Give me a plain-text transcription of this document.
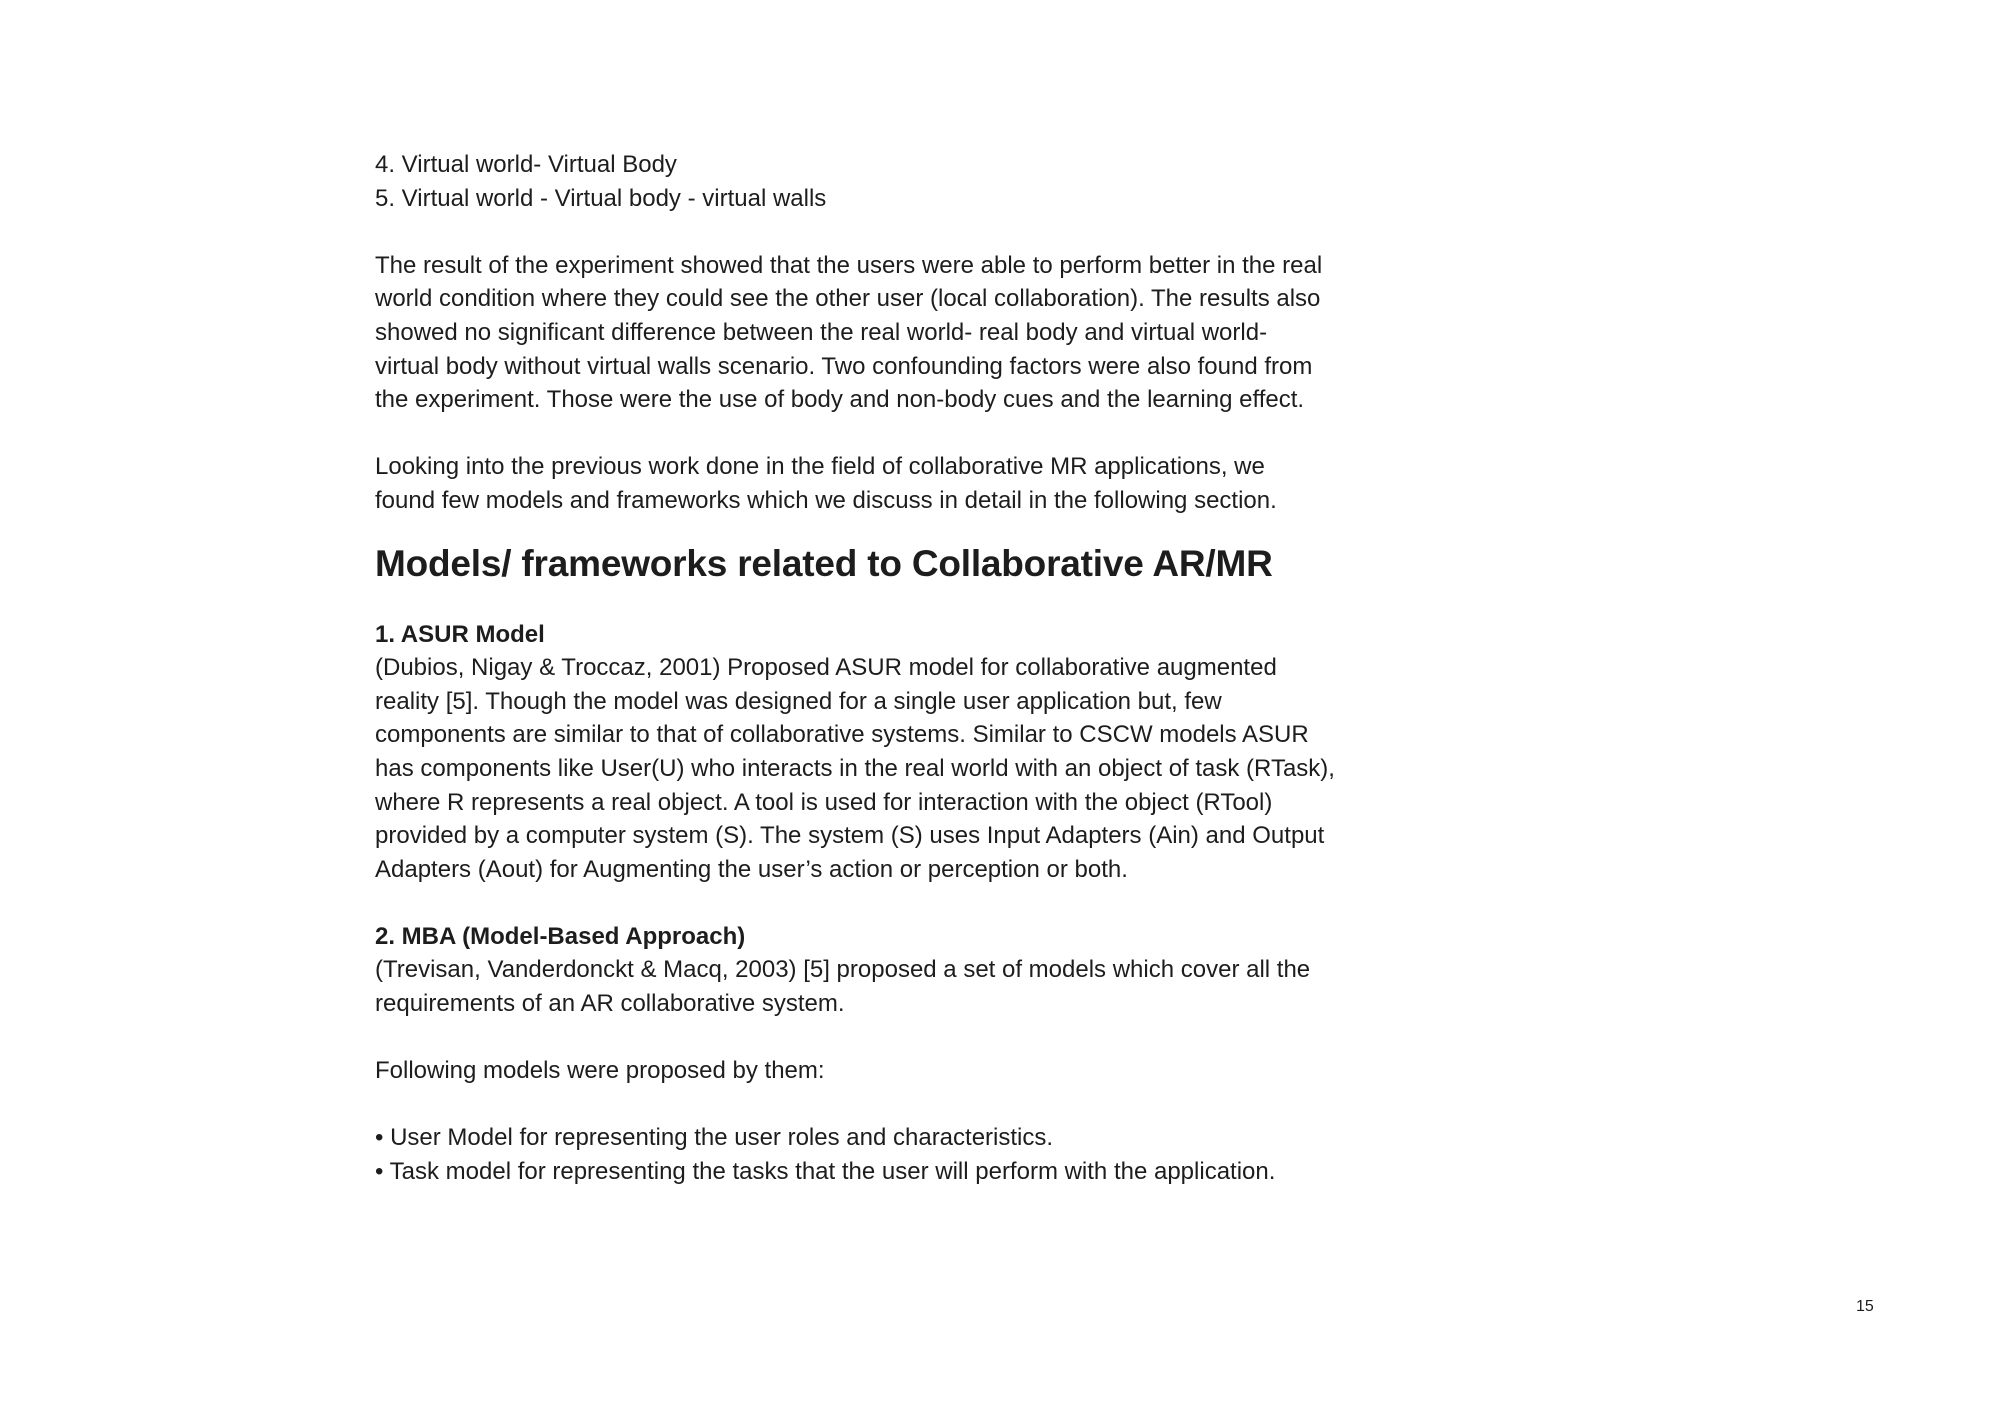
4. Virtual world- Virtual Body

5. Virtual world - Virtual body - virtual walls

The result of the experiment showed that the users were able to perform better in the real

world condition where they could see the other user (local collaboration). The results also

showed no significant difference between the real world- real body and virtual world-

virtual body without virtual walls scenario. Two confounding factors were also found from

the experiment. Those were the use of body and non-body cues and the learning effect.

Looking into the previous work done in the field of collaborative MR applications, we

found few models and frameworks which we discuss in detail in the following section.

Models/ frameworks related to Collaborative AR/MR

1. ASUR Model

(Dubios, Nigay & Troccaz, 2001) Proposed ASUR model for collaborative augmented

reality [5]. Though the model was designed for a single user application but, few

components are similar to that of collaborative systems. Similar to CSCW models ASUR

has components like User(U) who interacts in the real world with an object of task (RTask),

where R represents a real object. A tool is used for interaction with the object (RTool)

provided by a computer system (S). The system (S) uses Input Adapters (Ain) and Output

Adapters (Aout) for Augmenting the user’s action or perception or both.

2. MBA (Model-Based Approach)

(Trevisan, Vanderdonckt & Macq, 2003) [5] proposed a set of models which cover all the

requirements of an AR collaborative system.

Following models were proposed by them:

• User Model for representing the user roles and characteristics.

• Task model for representing the tasks that the user will perform with the application.

15
